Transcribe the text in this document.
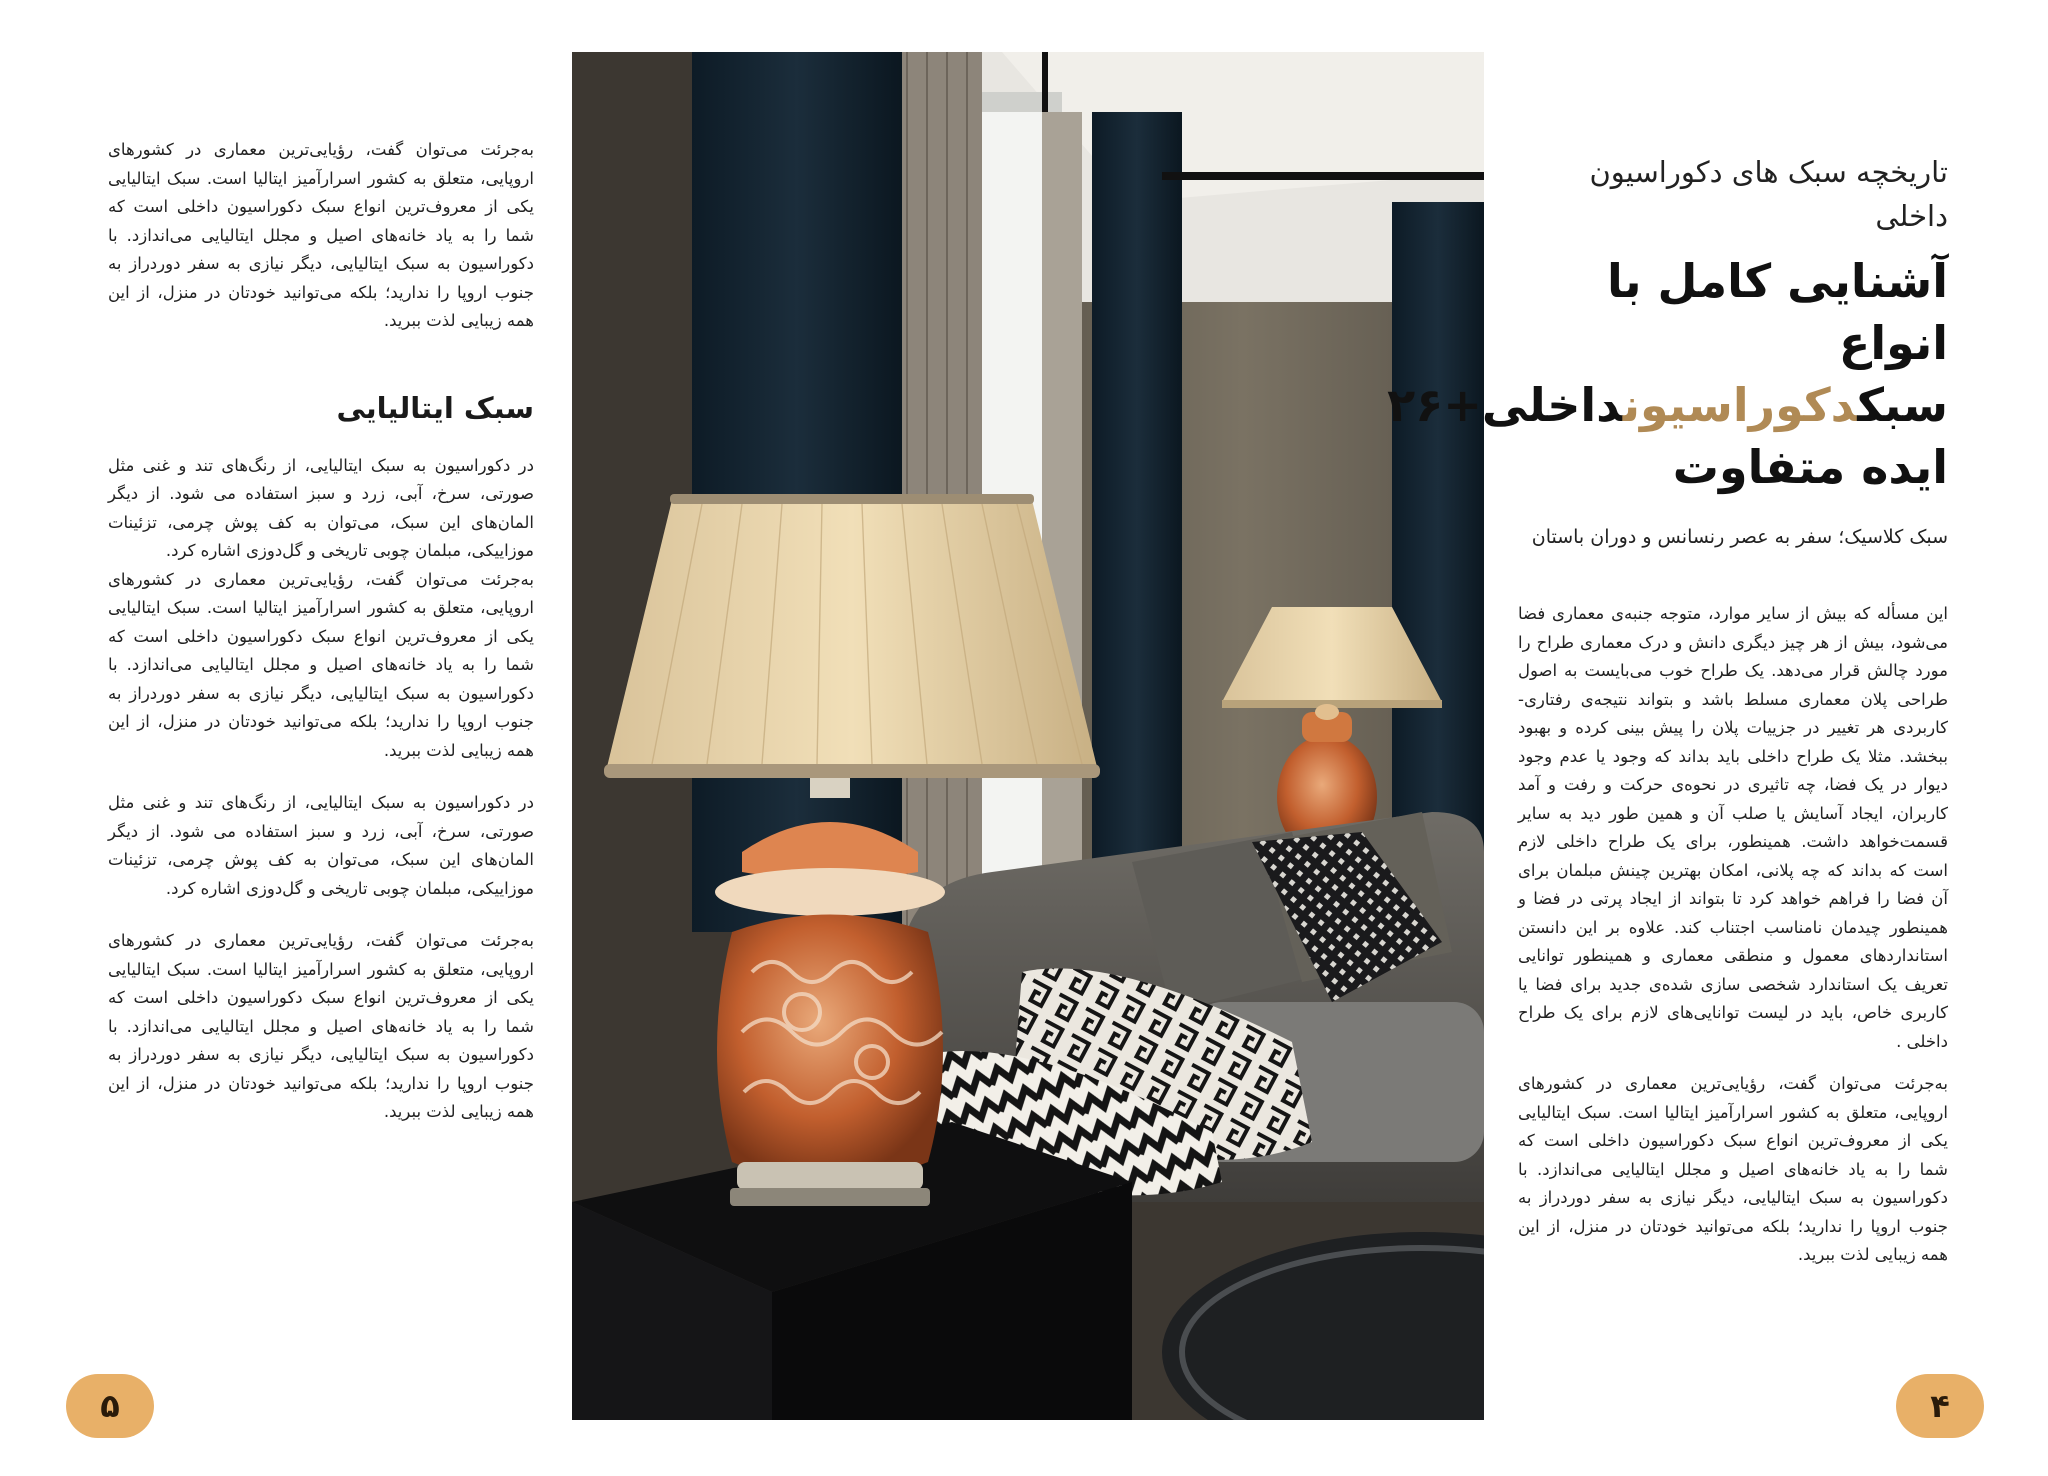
به‌جرئت می‌توان گفت، رؤیایی‌ترین معماری در کشورهای اروپایی، متعلق به کشور اسرارآمیز ایتالیا است. سبک ایتالیایی یکی از معروف‌ترین انواع سبک دکوراسیون داخلی است که شما را به یاد خانه‌های اصیل و مجلل ایتالیایی می‌اندازد. با دکوراسیون به سبک ایتالیایی، دیگر نیازی به سفر دوردراز به جنوب اروپا را ندارید؛ بلکه می‌توانید خودتان در منزل، از این همه زیبایی لذت ببرید.

سبک ایتالیایی

در دکوراسیون به سبک ایتالیایی، از رنگ‌های تند و غنی مثل صورتی، سرخ، آبی، زرد و سبز استفاده می شود. از دیگر المان‌های این سبک، می‌توان به کف پوش چرمی، تزئینات موزاییکی، مبلمان چوبی تاریخی و گل‌دوزی اشاره کرد.

به‌جرئت می‌توان گفت، رؤیایی‌ترین معماری در کشورهای اروپایی، متعلق به کشور اسرارآمیز ایتالیا است. سبک ایتالیایی یکی از معروف‌ترین انواع سبک دکوراسیون داخلی است که شما را به یاد خانه‌های اصیل و مجلل ایتالیایی می‌اندازد. با دکوراسیون به سبک ایتالیایی، دیگر نیازی به سفر دوردراز به جنوب اروپا را ندارید؛ بلکه می‌توانید خودتان در منزل، از این همه زیبایی لذت ببرید.

در دکوراسیون به سبک ایتالیایی، از رنگ‌های تند و غنی مثل صورتی، سرخ، آبی، زرد و سبز استفاده می شود. از دیگر المان‌های این سبک، می‌توان به کف پوش چرمی، تزئینات موزاییکی، مبلمان چوبی تاریخی و گل‌دوزی اشاره کرد.

به‌جرئت می‌توان گفت، رؤیایی‌ترین معماری در کشورهای اروپایی، متعلق به کشور اسرارآمیز ایتالیا است. سبک ایتالیایی یکی از معروف‌ترین انواع سبک دکوراسیون داخلی است که شما را به یاد خانه‌های اصیل و مجلل ایتالیایی می‌اندازد. با دکوراسیون به سبک ایتالیایی، دیگر نیازی به سفر دوردراز به جنوب اروپا را ندارید؛ بلکه می‌توانید خودتان در منزل، از این همه زیبایی لذت ببرید.

تاریخچه سبک های دکوراسیون داخلی

آشنایی کامل با انواع سبکدکوراسیونداخلی+۲۶ ایده متفاوت

سبک کلاسیک؛ سفر به عصر رنسانس و دوران باستان

این مسأله که بیش از سایر موارد، متوجه جنبه‌ی معماری فضا می‌شود، بیش از هر چیز دیگری دانش و درک معماری طراح را مورد چالش قرار می‌دهد. یک طراح خوب می‌بایست به اصول طراحی پلان معماری مسلط باشد و بتواند نتیجه‌ی رفتاری-کاربردی هر تغییر در جزییات پلان را پیش بینی کرده و بهبود ببخشد. مثلا یک طراح داخلی باید بداند که وجود یا عدم وجود دیوار در یک فضا، چه تاثیری در نحوه‌ی حرکت و رفت و آمد کاربران، ایجاد آسایش یا صلب آن و همین طور دید به سایر قسمت‌خواهد داشت. همینطور، برای یک طراح داخلی لازم است که بداند که چه پلانی، امکان بهترین چینش مبلمان برای آن فضا را فراهم خواهد کرد تا بتواند از ایجاد پرتی در فضا و همینطور چیدمان نامناسب اجتناب کند. علاوه بر این دانستن استانداردهای معمول و منطقی معماری و همینطور توانایی تعریف یک استاندارد شخصی سازی شده‌ی جدید برای فضا یا کاربری خاص، باید در لیست توانایی‌های لازم برای یک طراح داخلی .

به‌جرئت می‌توان گفت، رؤیایی‌ترین معماری در کشورهای اروپایی، متعلق به کشور اسرارآمیز ایتالیا است. سبک ایتالیایی یکی از معروف‌ترین انواع سبک دکوراسیون داخلی است که شما را به یاد خانه‌های اصیل و مجلل ایتالیایی می‌اندازد. با دکوراسیون به سبک ایتالیایی، دیگر نیازی به سفر دوردراز به جنوب اروپا را ندارید؛ بلکه می‌توانید خودتان در منزل، از این همه زیبایی لذت ببرید.

۵	۴
